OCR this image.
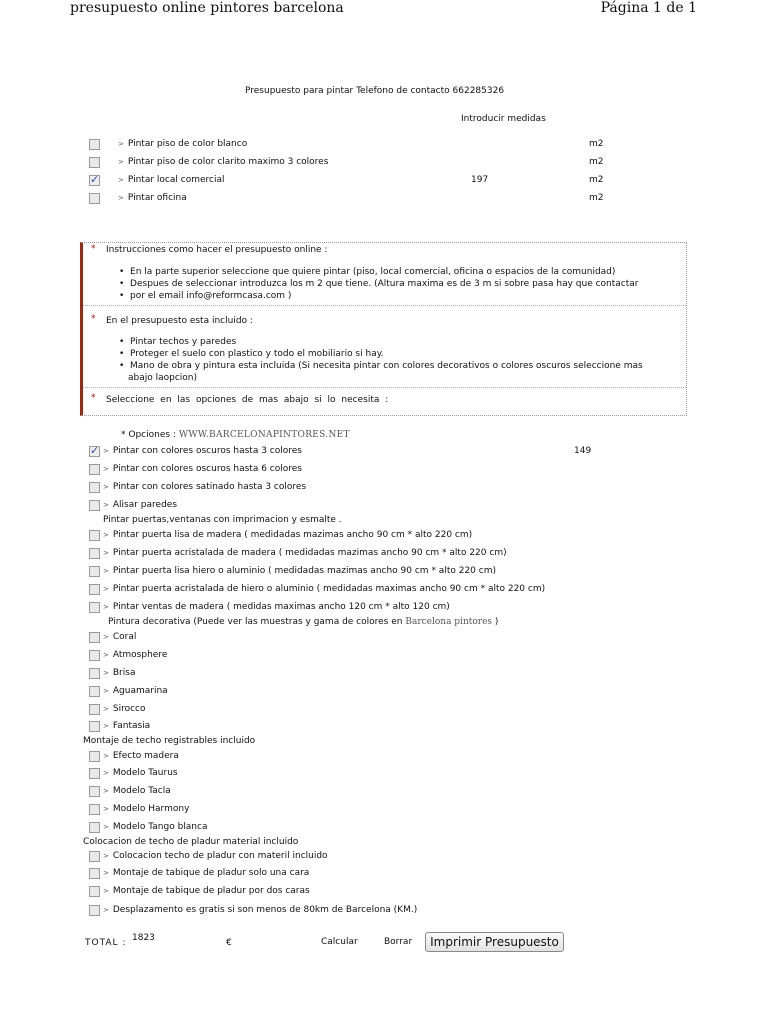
presupuesto online pintores barcelona	Página 1 de 1
Presupuesto para pintar Telefono de contacto 662285326
Introducir medidas
> Pintar piso de color blanco	m2
> Pintar piso de color clarito maximo 3 colores	m2
✓
> Pintar local comercial	197	m2
> Pintar oficina	m2
* Instrucciones como hacer el presupuesto online :
•  En la parte superior seleccione que quiere pintar (piso, local comercial, oficina o espacios de la comunidad)
•  Despues de seleccionar introduzca los m 2 que tiene. (Altura maxima es de 3 m si sobre pasa hay que contactar
•  por el email info@reformcasa.com )
* En el presupuesto esta incluido :
•  Pintar techos y paredes
•  Proteger el suelo con plastico y todo el mobiliario si hay.
•  Mano de obra y pintura esta incluida (Si necesita pintar con colores decorativos o colores oscuros seleccione mas
abajo laopcion)
* Seleccione en las opciones de mas abajo si lo necesita :
* Opciones : WWW.BARCELONAPINTORES.NET
✓
> Pintar con colores oscuros hasta 3 colores	149
> Pintar con colores oscuros hasta 6 colores
> Pintar con colores satinado hasta 3 colores
> Alisar paredes
Pintar puertas,ventanas con imprimacion y esmalte .
> Pintar puerta lisa de madera ( medidadas mazimas ancho 90 cm * alto 220 cm)
> Pintar puerta acristalada de madera ( medidadas mazimas ancho 90 cm * alto 220 cm)
> Pintar puerta lisa hiero o aluminio ( medidadas mazimas ancho 90 cm * alto 220 cm)
> Pintar puerta acristalada de hiero o aluminio ( medidadas maximas ancho 90 cm * alto 220 cm)
> Pintar ventas de madera ( medidas maximas ancho 120 cm * alto 120 cm)
Pintura decorativa (Puede ver las muestras y gama de colores en Barcelona pintores )
> Coral
> Atmosphere
> Brisa
> Aguamarina
> Sirocco
> Fantasia
Montaje de techo registrables incluido
> Efecto madera
> Modelo Taurus
> Modelo Tacla
> Modelo Harmony
> Modelo Tango blanca
Colocacion de techo de pladur material incluido
> Colocacion techo de pladur con materil incluido
> Montaje de tabique de pladur solo una cara
> Montaje de tabique de pladur por dos caras
> Desplazamento es gratis si son menos de 80km de Barcelona (KM.)
TOTAL : 1823	€	Calcular	Borrar	Imprimir Presupuesto
